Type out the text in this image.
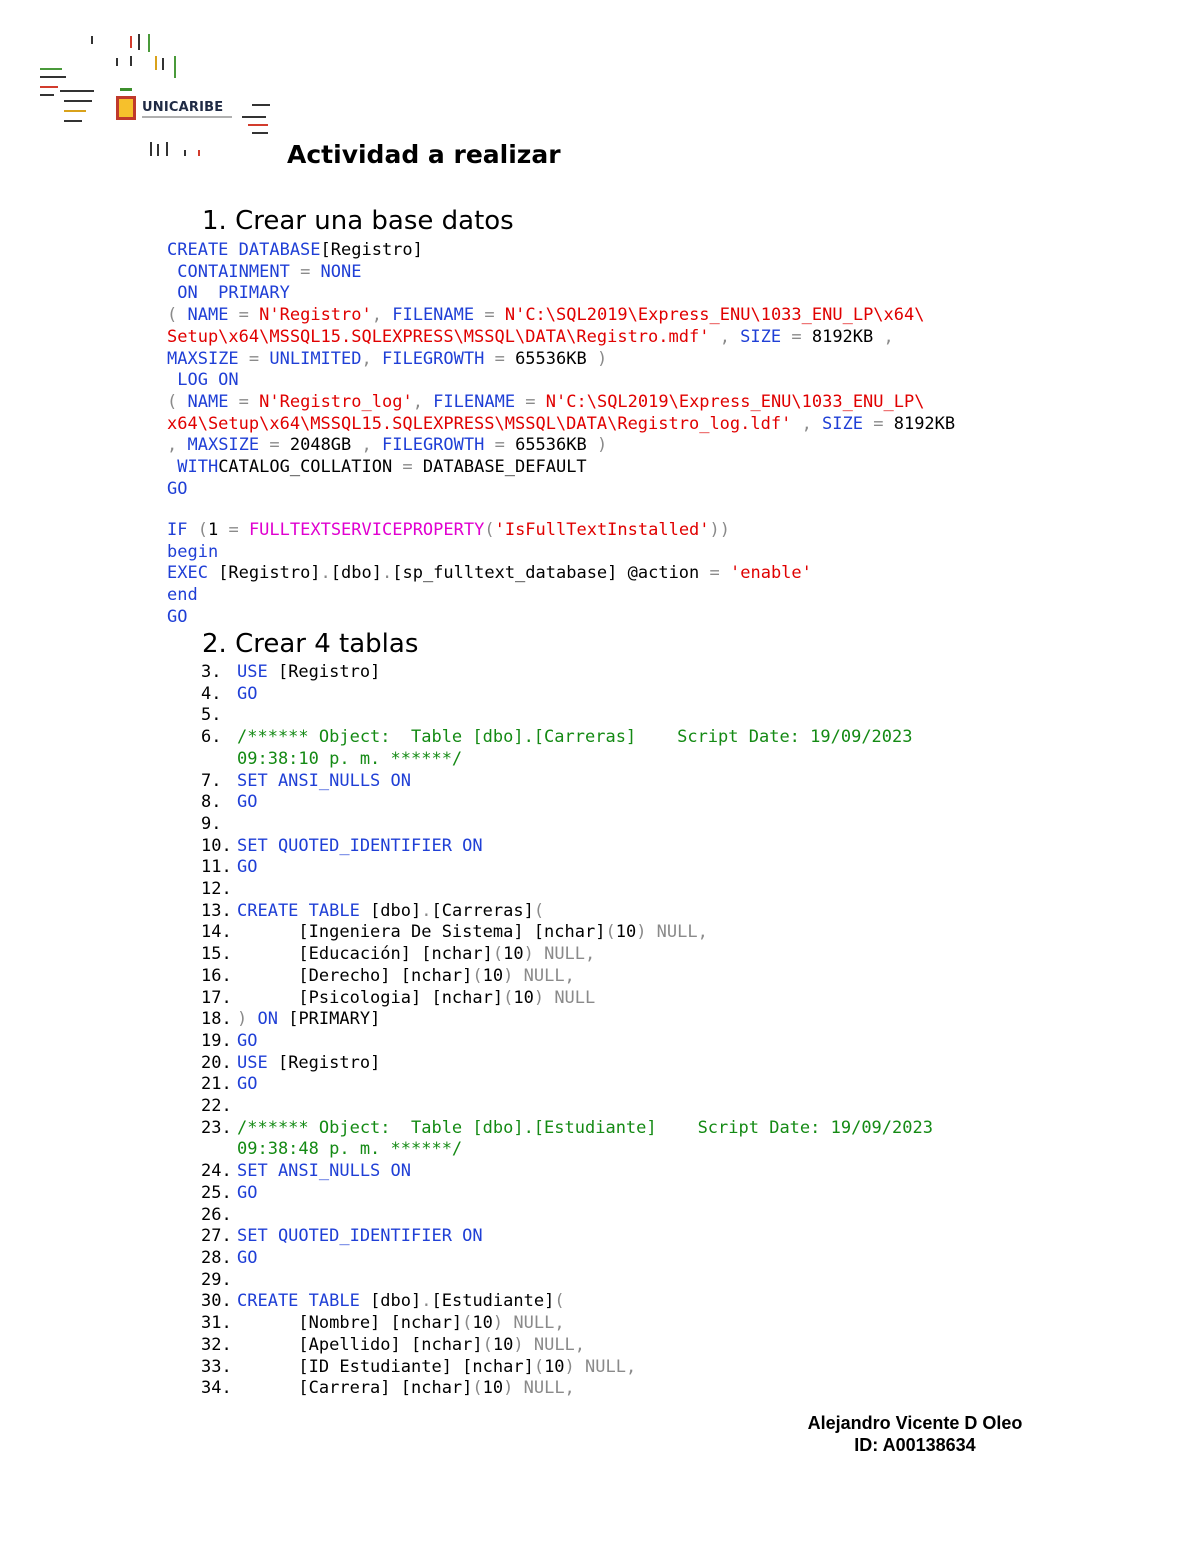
UNICARIBE
Actividad a realizar
1. Crear una base datos
CREATE DATABASE[Registro]
CONTAINMENT = NONE
ON  PRIMARY
( NAME = N'Registro', FILENAME = N'C:\SQL2019\Express_ENU\1033_ENU_LP\x64\
Setup\x64\MSSQL15.SQLEXPRESS\MSSQL\DATA\Registro.mdf' , SIZE = 8192KB ,
MAXSIZE = UNLIMITED, FILEGROWTH = 65536KB )
LOG ON
( NAME = N'Registro_log', FILENAME = N'C:\SQL2019\Express_ENU\1033_ENU_LP\
x64\Setup\x64\MSSQL15.SQLEXPRESS\MSSQL\DATA\Registro_log.ldf' , SIZE = 8192KB
, MAXSIZE = 2048GB , FILEGROWTH = 65536KB )
WITHCATALOG_COLLATION = DATABASE_DEFAULT
GO
IF (1 = FULLTEXTSERVICEPROPERTY('IsFullTextInstalled'))
begin
EXEC [Registro].[dbo].[sp_fulltext_database] @action = 'enable'
end
GO
2. Crear 4 tablas
3. USE [Registro]
4. GO
5.

6. /****** Object:  Table [dbo].[Carreras]    Script Date: 19/09/2023
09:38:10 p. m. ******/
7. SET ANSI_NULLS ON
8. GO
9.

10. SET QUOTED_IDENTIFIER ON
11. GO
12.

13. CREATE TABLE [dbo].[Carreras](
14. [Ingeniera De Sistema] [nchar](10) NULL,
15. [Educación] [nchar](10) NULL,
16. [Derecho] [nchar](10) NULL,
17. [Psicologia] [nchar](10) NULL
18. ) ON [PRIMARY]
19. GO
20. USE [Registro]
21. GO
22.

23. /****** Object:  Table [dbo].[Estudiante]    Script Date: 19/09/2023
09:38:48 p. m. ******/
24. SET ANSI_NULLS ON
25. GO
26.

27. SET QUOTED_IDENTIFIER ON
28. GO
29.

30. CREATE TABLE [dbo].[Estudiante](
31. [Nombre] [nchar](10) NULL,
32. [Apellido] [nchar](10) NULL,
33. [ID Estudiante] [nchar](10) NULL,
34. [Carrera] [nchar](10) NULL,
Alejandro Vicente D Oleo
ID: A00138634
